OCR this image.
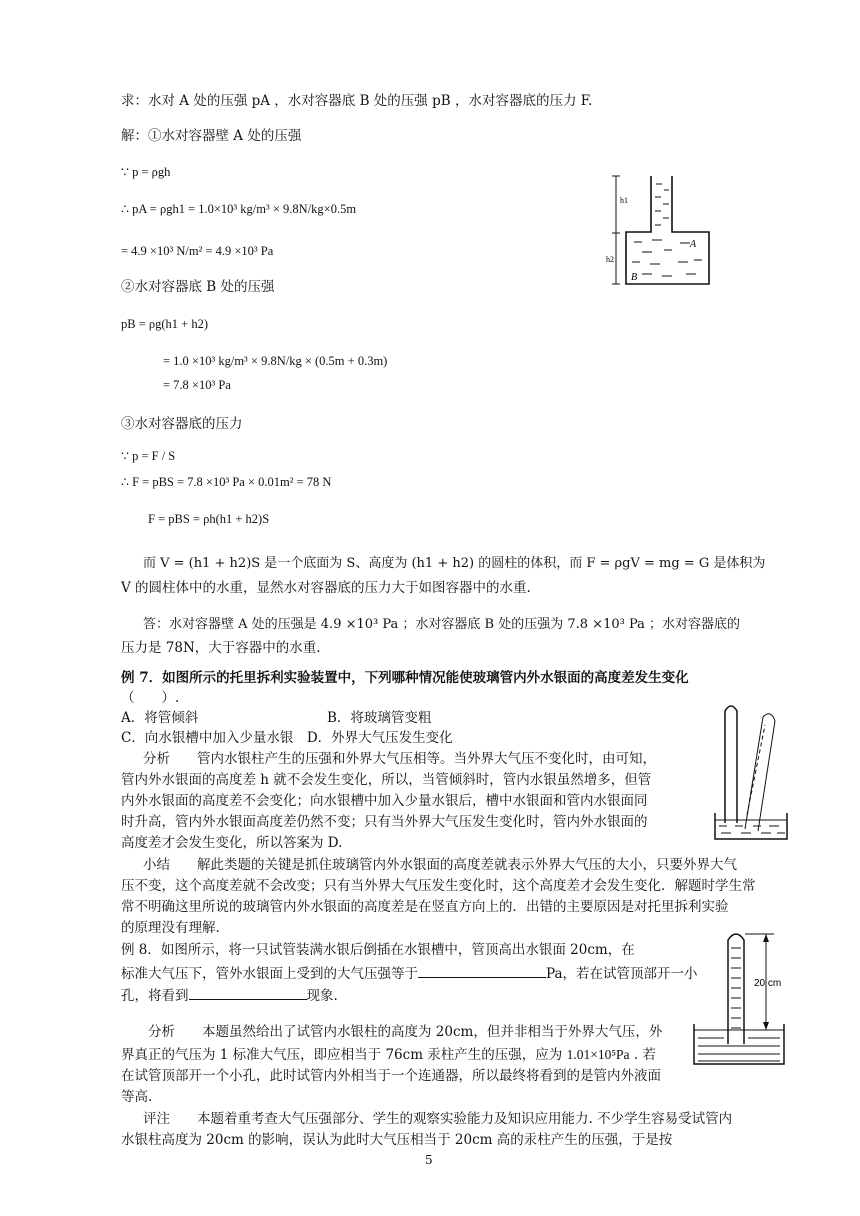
求：水对 A 处的压强 pA ，水对容器底 B 处的压强 pB ，水对容器底的压力 F.
解：①水对容器壁 A 处的压强
∵ p = ρgh
∴ pA = ρgh1 = 1.0×10³ kg/m³ × 9.8N/kg×0.5m
= 4.9 ×10³ N/m² = 4.9 ×10³ Pa
②水对容器底 B 处的压强
pB = ρg(h1 + h2)
= 1.0 ×10³ kg/m³ × 9.8N/kg × (0.5m + 0.3m)
= 7.8 ×10³ Pa
③水对容器底的压力
∵ p = F / S
∴ F = pBS = 7.8 ×10³ Pa × 0.01m² = 78 N
F = pBS = ρh(h1 + h2)S
而 V = (h1 + h2)S 是一个底面为 S、高度为 (h1 + h2) 的圆柱的体积，而 F = ρgV = mg = G 是体积为
V 的圆柱体中的水重，显然水对容器底的压力大于如图容器中的水重.
答：水对容器壁 A 处的压强是 4.9 ×10³ Pa ；水对容器底 B 处的压强为 7.8 ×10³ Pa ；水对容器底的
压力是 78N，大于容器中的水重.
例 7．如图所示的托里拆利实验装置中，下列哪种情况能使玻璃管内外水银面的高度差发生变化
（　　）.
A．将管倾斜	B．将玻璃管变粗
C．向水银槽中加入少量水银　D．外界大气压发生变化
分析　　管内水银柱产生的压强和外界大气压相等。当外界大气压不变化时，由可知，
管内外水银面的高度差 h 就不会发生变化，所以，当管倾斜时，管内水银虽然增多，但管
内外水银面的高度差不会变化；向水银槽中加入少量水银后，槽中水银面和管内水银面同
时升高，管内外水银面高度差仍然不变；只有当外界大气压发生变化时，管内外水银面的
高度差才会发生变化，所以答案为 D.
小结　　解此类题的关键是抓住玻璃管内外水银面的高度差就表示外界大气压的大小，只要外界大气
压不变，这个高度差就不会改变；只有当外界大气压发生变化时，这个高度差才会发生变化．解题时学生常
常不明确这里所说的玻璃管内外水银面的高度差是在竖直方向上的．出错的主要原因是对托里拆利实验
的原理没有理解.
例 8．如图所示，将一只试管装满水银后倒插在水银槽中，管顶高出水银面 20cm，在
标准大气压下，管外水银面上受到的大气压强等于	Pa，若在试管顶部开一小
孔，将看到	现象.
分析　　本题虽然给出了试管内水银柱的高度为 20cm，但并非相当于外界大气压，外
界真正的气压为 1 标准大气压，即应相当于 76cm 汞柱产生的压强，应为 1.01×10⁵Pa . 若
在试管顶部开一个小孔，此时试管内外相当于一个连通器，所以最终将看到的是管内外液面
等高.
评注　　本题着重考查大气压强部分、学生的观察实验能力及知识应用能力. 不少学生容易受试管内
水银柱高度为 20cm 的影响，误认为此时大气压相当于 20cm 高的汞柱产生的压强，于是按
5
h1
A
h2
B
20 cm
